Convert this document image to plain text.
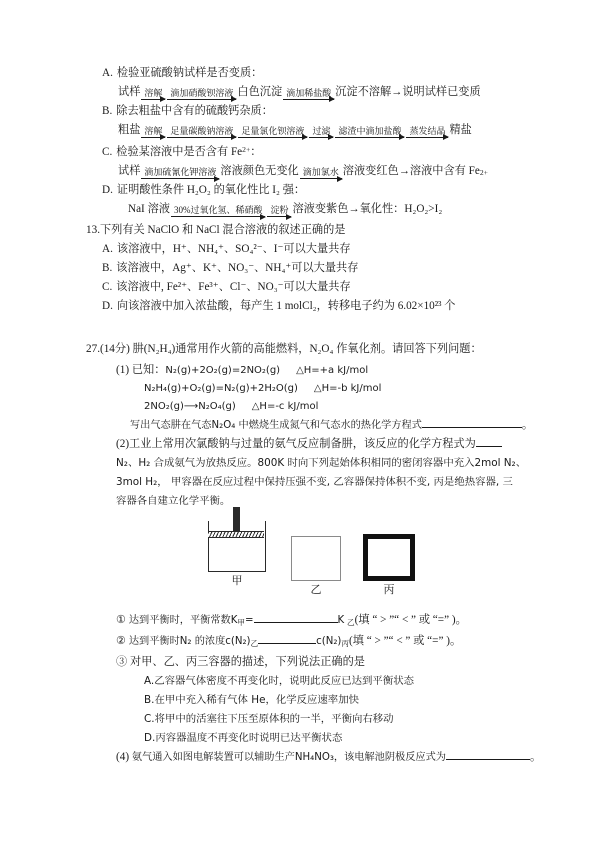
A. 检验亚硫酸钠试样是否变质：
试样 溶解 滴加硝酸钡溶液 白色沉淀 滴加稀盐酸 沉淀不溶解→说明试样已变质
B. 除去粗盐中含有的硫酸钙杂质：
粗盐 溶解 足量碳酸钠溶液 足量氯化钡溶液 过滤 滤渣中滴加盐酸 蒸发结晶 精盐
C. 检验某溶液中是否含有 $Fe^{2+}$：
试样 滴加硫氰化钾溶液 溶液颜色无变化 滴加氯水 溶液变红色→溶液中含有 Fe 2+
D. 证明酸性条件 H₂O₂ 的氧化性比 I₂ 强：
NaI 溶液 30%过氧化氢、稀硝酸 淀粉 溶液变紫色→氧化性：H₂O₂>I₂
13.下列有关 NaClO 和 NaCl 混合溶液的叙述正确的是
A. 该溶液中，H⁺、NH₄⁺、SO₄²⁻、I⁻可以大量共存
B. 该溶液中，Ag⁺、K⁺、NO₃⁻、NH₄⁺可以大量共存
C. 该溶液中, Fe²⁺、Fe³⁺、Cl⁻、NO₃⁻可以大量共存
D. 向该溶液中加入浓盐酸，每产生 1 molCl₂，转移电子约为 6.02×10²³ 个
27.(14分) 肼(N₂H₄)通常用作火箭的高能燃料，N₂O₄ 作氧化剂。请回答下列问题：
(1) 已知：N₂(g)+2O₂(g)=2NO₂(g) △H=+a kJ/mol
N₂H₄(g)+O₂(g)=N₂(g)+2H₂O(g) △H=-b kJ/mol
2NO₂(g)⟶N₂O₄(g) △H=-c kJ/mol
写出气态肼在气态N₂O₄ 中燃烧生成氮气和气态水的热化学方程式	。
(2)工业上常用次氯酸钠与过量的氨气反应制备肼，该反应的化学方程式为
N₂、H₂ 合成氨气为放热反应。800K 时向下列起始体积相同的密闭容器中充入2mol N₂、
3mol H₂， 甲容器在反应过程中保持压强不变, 乙容器保持体积不变, 丙是绝热容器, 三
容器各自建立化学平衡。
甲
乙	丙
① 达到平衡时，平衡常数$K_甲=$	K $_乙$(填 “ > ”“ < ” 或 “=” )。
② 达到平衡时N₂ 的浓度$c(N_2)_乙$	$c(N_2)_丙$(填 “ > ”“ < ” 或 “=” )。
③ 对甲、乙、丙三容器的描述，下列说法正确的是
A.乙容器气体密度不再变化时，说明此反应已达到平衡状态
B.在甲中充入稀有气体 He，化学反应速率加快
C.将甲中的活塞往下压至原体积的一半，平衡向右移动
D.丙容器温度不再变化时说明已达平衡状态
(4) 氨气通入如图电解装置可以辅助生产NH₄NO₃，该电解池阴极反应式为	。
